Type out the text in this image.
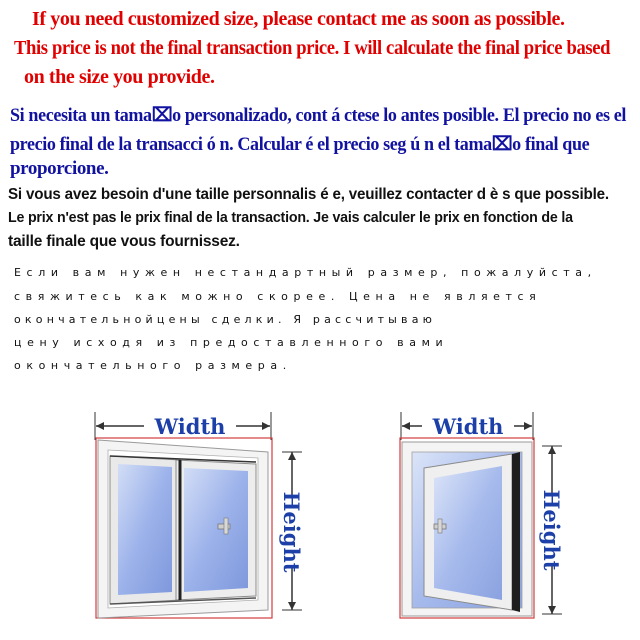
If you need customized size, please contact me as soon as possible.
This price is not the final transaction price. I will calculate the final price based
on the size you provide.
Si necesita un tama⌧o personalizado, cont á ctese lo antes posible. El precio no es el
precio final de la transacci ó n. Calcular é el precio seg ú n el tama⌧o final que
proporcione.
Si vous avez besoin d'une taille personnalis é e, veuillez contacter d è s que possible.
Le prix n'est pas le prix final de la transaction. Je vais calculer le prix en fonction de la
taille finale que vous fournissez.
Если вам нужен нестандартный размер, пожалуйста,
свяжитесь как можно скорее. Цена не является
окончательнойцены сделки. Я рассчитываю
цену исходя из предоставленного вами
окончательного размера.
Width
Height
Width
Height
